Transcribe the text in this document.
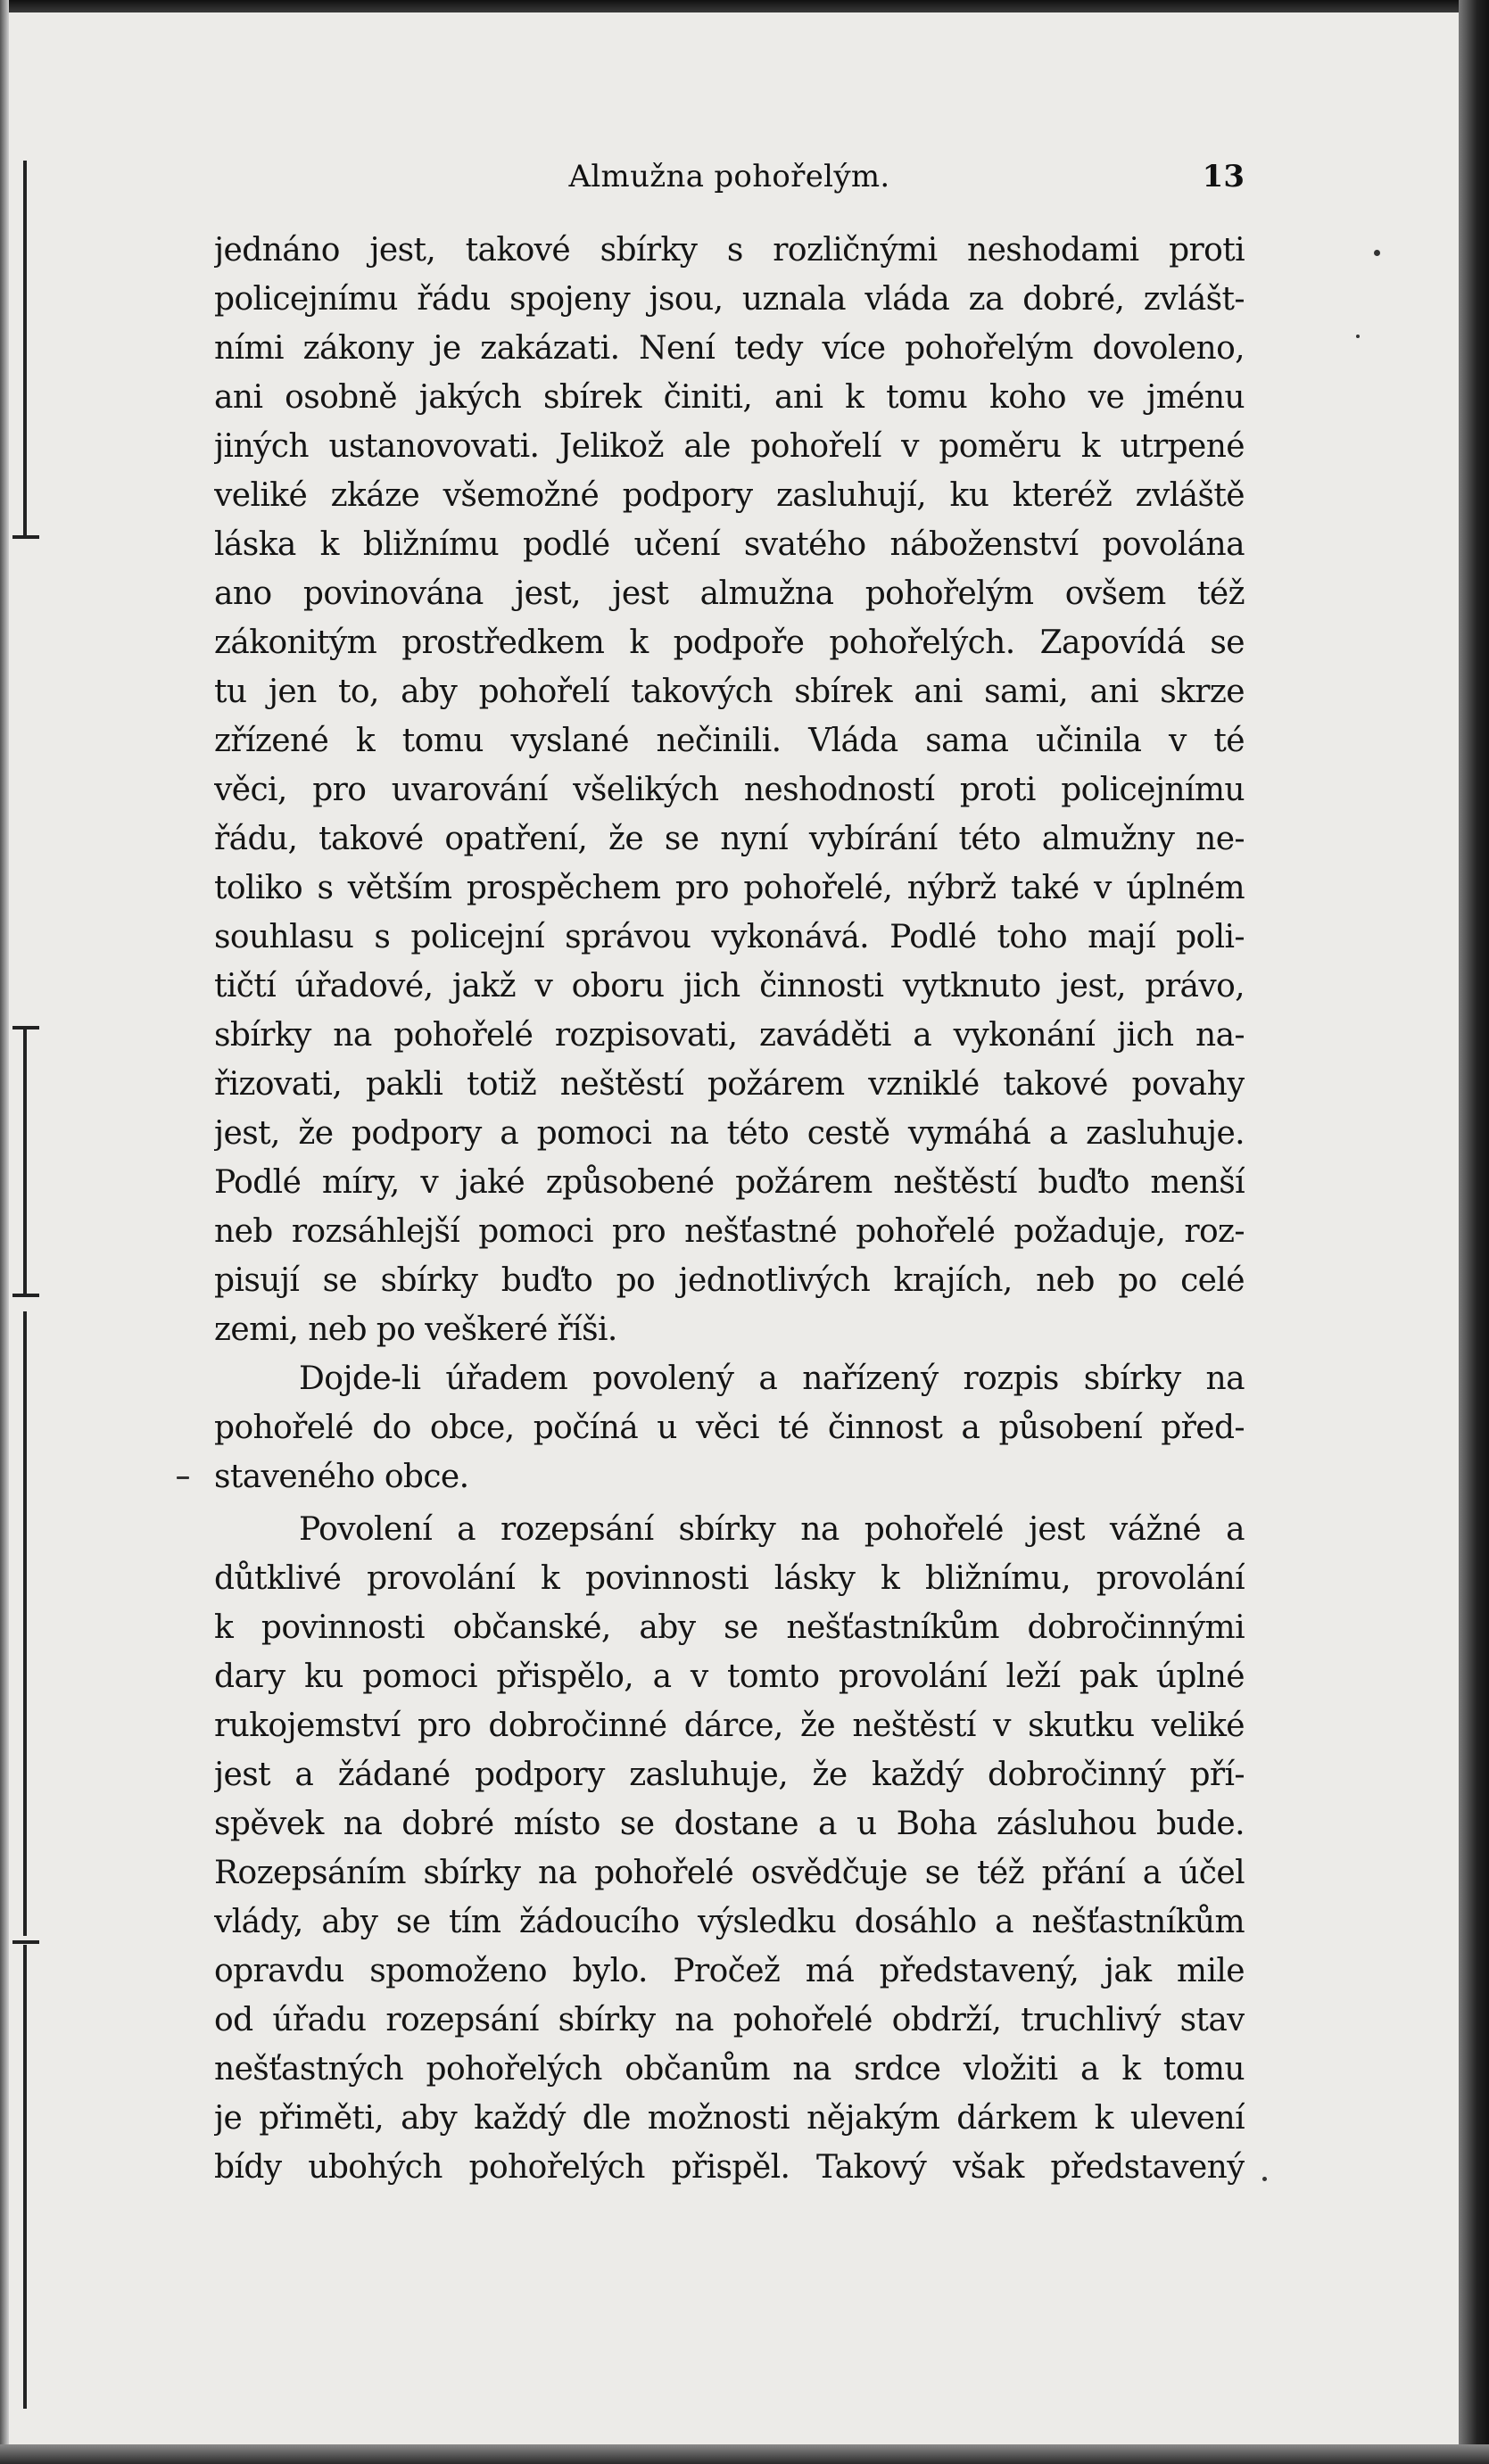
Almužna pohořelým.	13
jednáno jest, takové sbírky s rozličnými neshodami proti
policejnímu řádu spojeny jsou, uznala vláda za dobré, zvlášt-
ními zákony je zakázati. Není tedy více pohořelým dovoleno,
ani osobně jakých sbírek činiti, ani k tomu koho ve jménu
jiných ustanovovati. Jelikož ale pohořelí v poměru k utrpené
veliké zkáze všemožné podpory zasluhují, ku kteréž zvláště
láska k bližnímu podlé učení svatého náboženství povolána
ano povinována jest, jest almužna pohořelým ovšem též
zákonitým prostředkem k podpoře pohořelých. Zapovídá se
tu jen to, aby pohořelí takových sbírek ani sami, ani skrze
zřízené k tomu vyslané nečinili. Vláda sama učinila v té
věci, pro uvarování všelikých neshodností proti policejnímu
řádu, takové opatření, že se nyní vybírání této almužny ne-
toliko s větším prospěchem pro pohořelé, nýbrž také v úplném
souhlasu s policejní správou vykonává. Podlé toho mají poli-
tičtí úřadové, jakž v oboru jich činnosti vytknuto jest, právo,
sbírky na pohořelé rozpisovati, zaváděti a vykonání jich na-
řizovati, pakli totiž neštěstí požárem vzniklé takové povahy
jest, že podpory a pomoci na této cestě vymáhá a zasluhuje.
Podlé míry, v jaké způsobené požárem neštěstí buďto menší
neb rozsáhlejší pomoci pro nešťastné pohořelé požaduje, roz-
pisují se sbírky buďto po jednotlivých krajích, neb po celé
zemi, neb po veškeré říši.
Dojde-li úřadem povolený a nařízený rozpis sbírky na
pohořelé do obce, počíná u věci té činnost a působení před-
staveného obce.
Povolení a rozepsání sbírky na pohořelé jest vážné a
důtklivé provolání k povinnosti lásky k bližnímu, provolání
k povinnosti občanské, aby se nešťastníkům dobročinnými
dary ku pomoci přispělo, a v tomto provolání leží pak úplné
rukojemství pro dobročinné dárce, že neštěstí v skutku veliké
jest a žádané podpory zasluhuje, že každý dobročinný pří-
spěvek na dobré místo se dostane a u Boha zásluhou bude.
Rozepsáním sbírky na pohořelé osvědčuje se též přání a účel
vlády, aby se tím žádoucího výsledku dosáhlo a nešťastníkům
opravdu spomoženo bylo. Pročež má představený, jak mile
od úřadu rozepsání sbírky na pohořelé obdrží, truchlivý stav
nešťastných pohořelých občanům na srdce vložiti a k tomu
je přiměti, aby každý dle možnosti nějakým dárkem k ulevení
bídy ubohých pohořelých přispěl. Takový však představený
